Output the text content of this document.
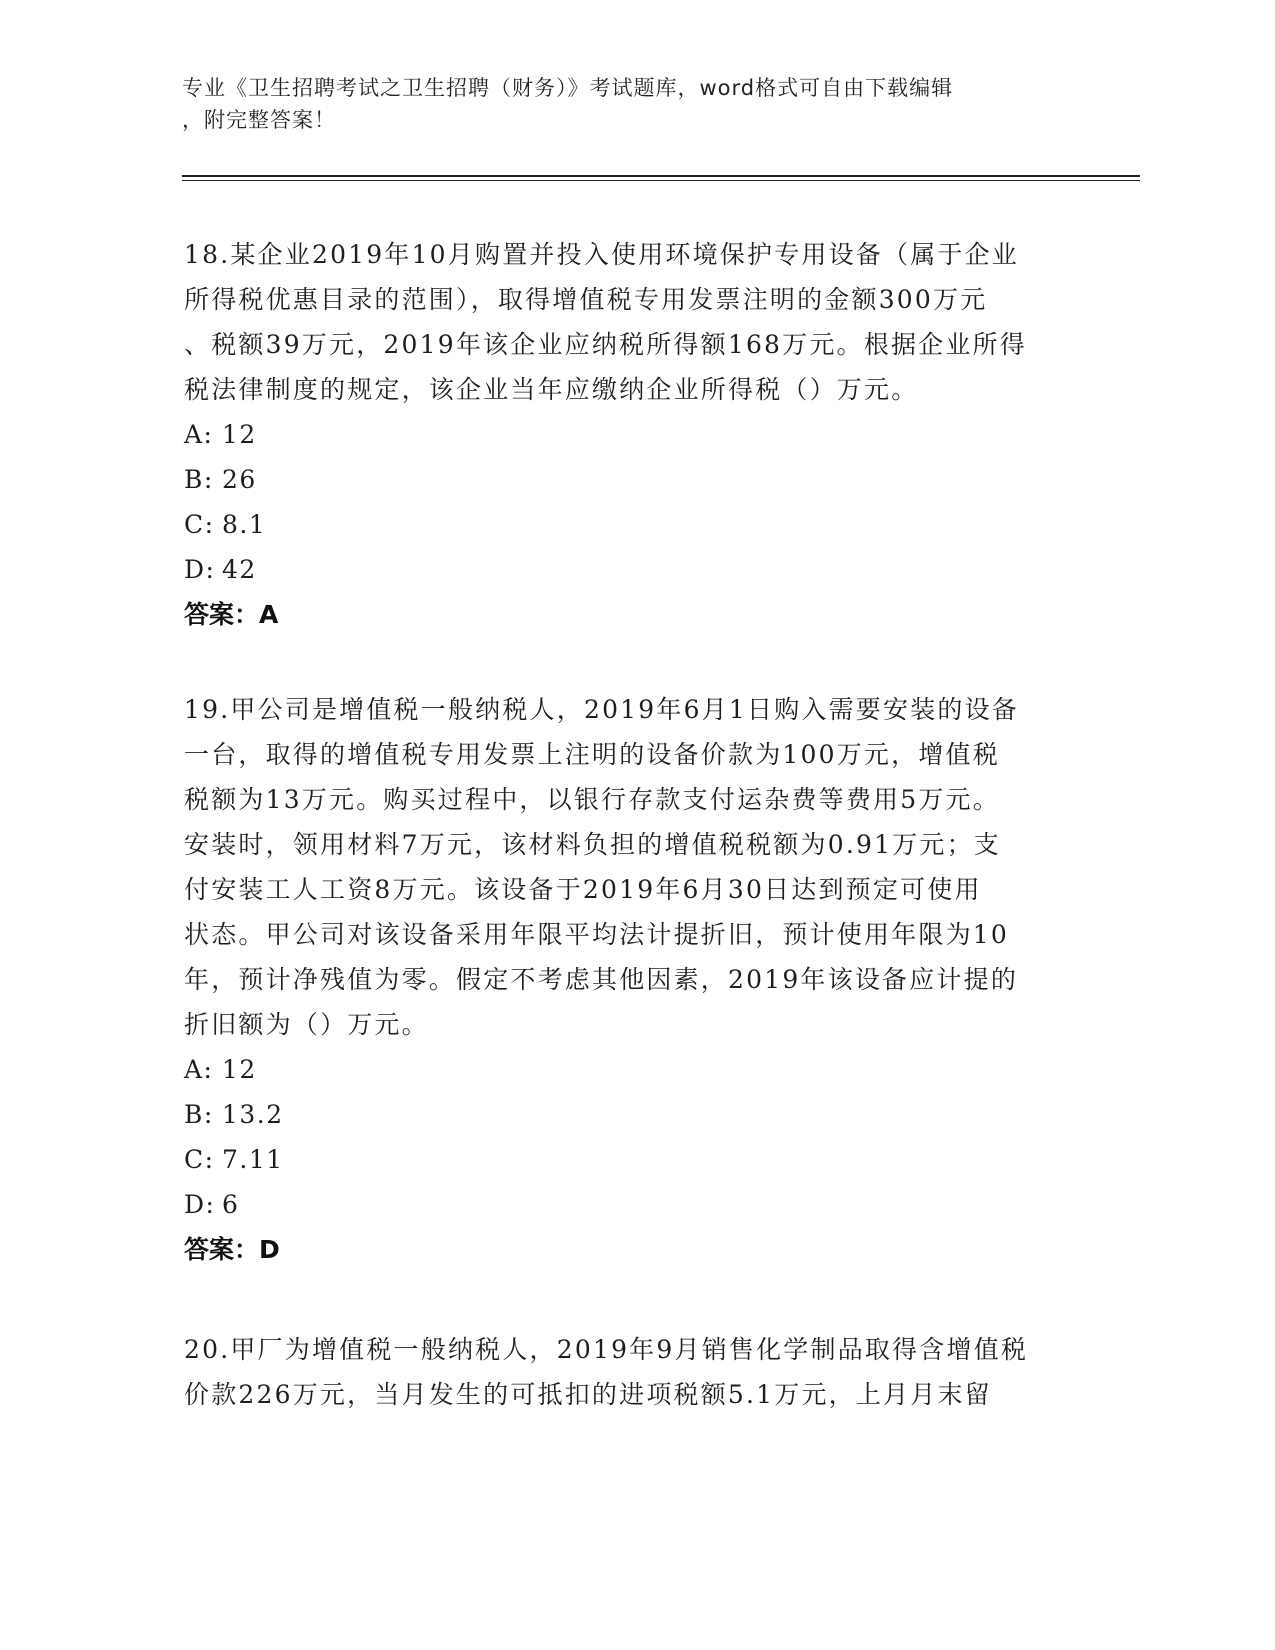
专业《卫生招聘考试之卫生招聘（财务）》考试题库，word格式可自由下载编辑
，附完整答案！
18.某企业2019年10月购置并投入使用环境保护专用设备（属于企业
所得税优惠目录的范围），取得增值税专用发票注明的金额300万元
、税额39万元，2019年该企业应纳税所得额168万元。根据企业所得
税法律制度的规定，该企业当年应缴纳企业所得税（）万元。
A: 12
B: 26
C: 8.1
D: 42
答案：A
19.甲公司是增值税一般纳税人，2019年6月1日购入需要安装的设备
一台，取得的增值税专用发票上注明的设备价款为100万元，增值税
税额为13万元。购买过程中，以银行存款支付运杂费等费用5万元。
安装时，领用材料7万元，该材料负担的增值税税额为0.91万元；支
付安装工人工资8万元。该设备于2019年6月30日达到预定可使用
状态。甲公司对该设备采用年限平均法计提折旧，预计使用年限为10
年，预计净残值为零。假定不考虑其他因素，2019年该设备应计提的
折旧额为（）万元。
A: 12
B: 13.2
C: 7.11
D: 6
答案：D
20.甲厂为增值税一般纳税人，2019年9月销售化学制品取得含增值税
价款226万元，当月发生的可抵扣的进项税额5.1万元，上月月末留
